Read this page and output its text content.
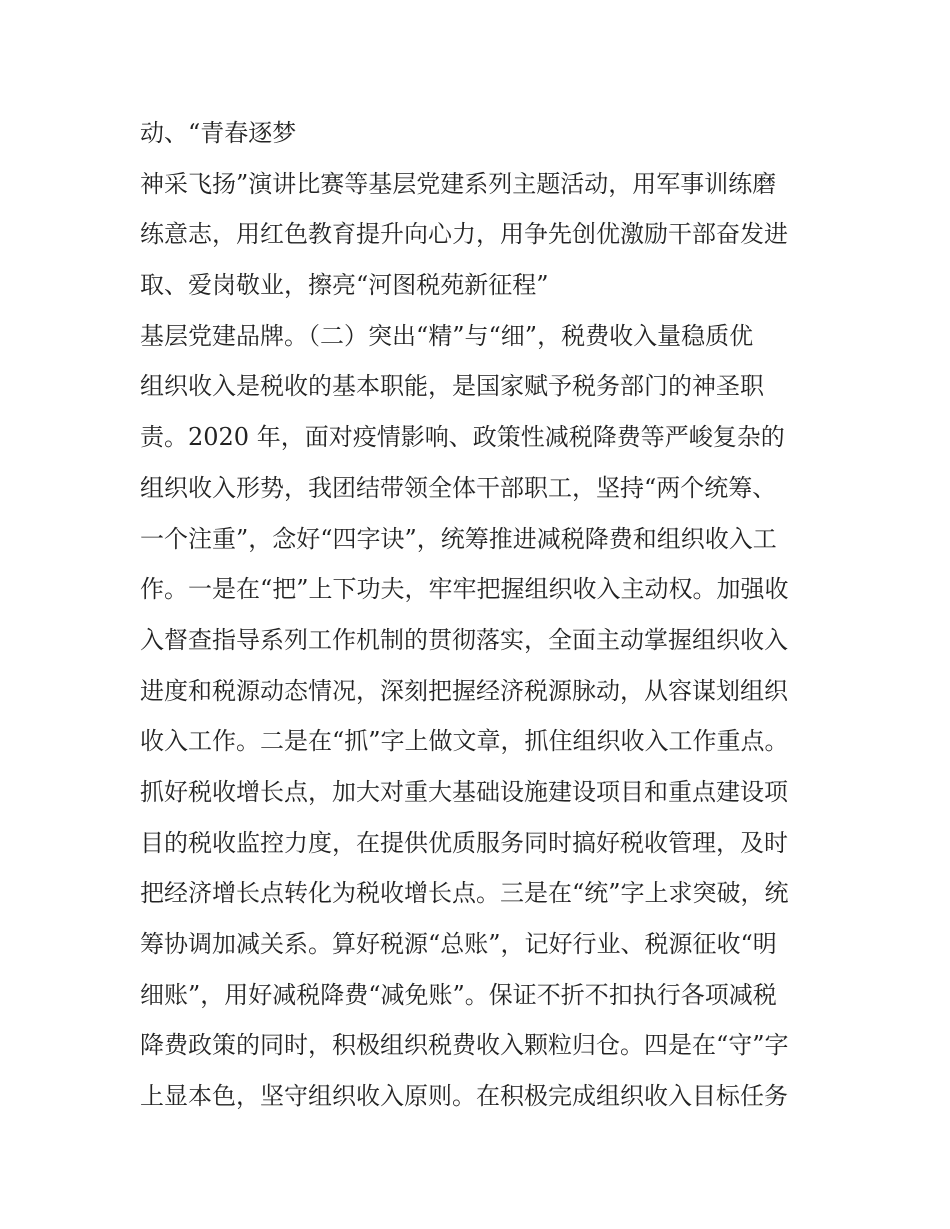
动、“青春逐梦
神采飞扬”演讲比赛等基层党建系列主题活动，用军事训练磨
练意志，用红色教育提升向心力，用争先创优激励干部奋发进
取、爱岗敬业，擦亮“河图税苑新征程”
基层党建品牌。（二）突出“精”与“细”，税费收入量稳质优
组织收入是税收的基本职能，是国家赋予税务部门的神圣职
责。2020 年，面对疫情影响、政策性减税降费等严峻复杂的
组织收入形势，我团结带领全体干部职工，坚持“两个统筹、
一个注重”，念好“四字诀”，统筹推进减税降费和组织收入工
作。一是在“把”上下功夫，牢牢把握组织收入主动权。加强收
入督查指导系列工作机制的贯彻落实，全面主动掌握组织收入
进度和税源动态情况，深刻把握经济税源脉动，从容谋划组织
收入工作。二是在“抓”字上做文章，抓住组织收入工作重点。
抓好税收增长点，加大对重大基础设施建设项目和重点建设项
目的税收监控力度，在提供优质服务同时搞好税收管理，及时
把经济增长点转化为税收增长点。三是在“统”字上求突破，统
筹协调加减关系。算好税源“总账”，记好行业、税源征收“明
细账”，用好减税降费“减免账”。保证不折不扣执行各项减税
降费政策的同时，积极组织税费收入颗粒归仓。四是在“守”字
上显本色，坚守组织收入原则。在积极完成组织收入目标任务
